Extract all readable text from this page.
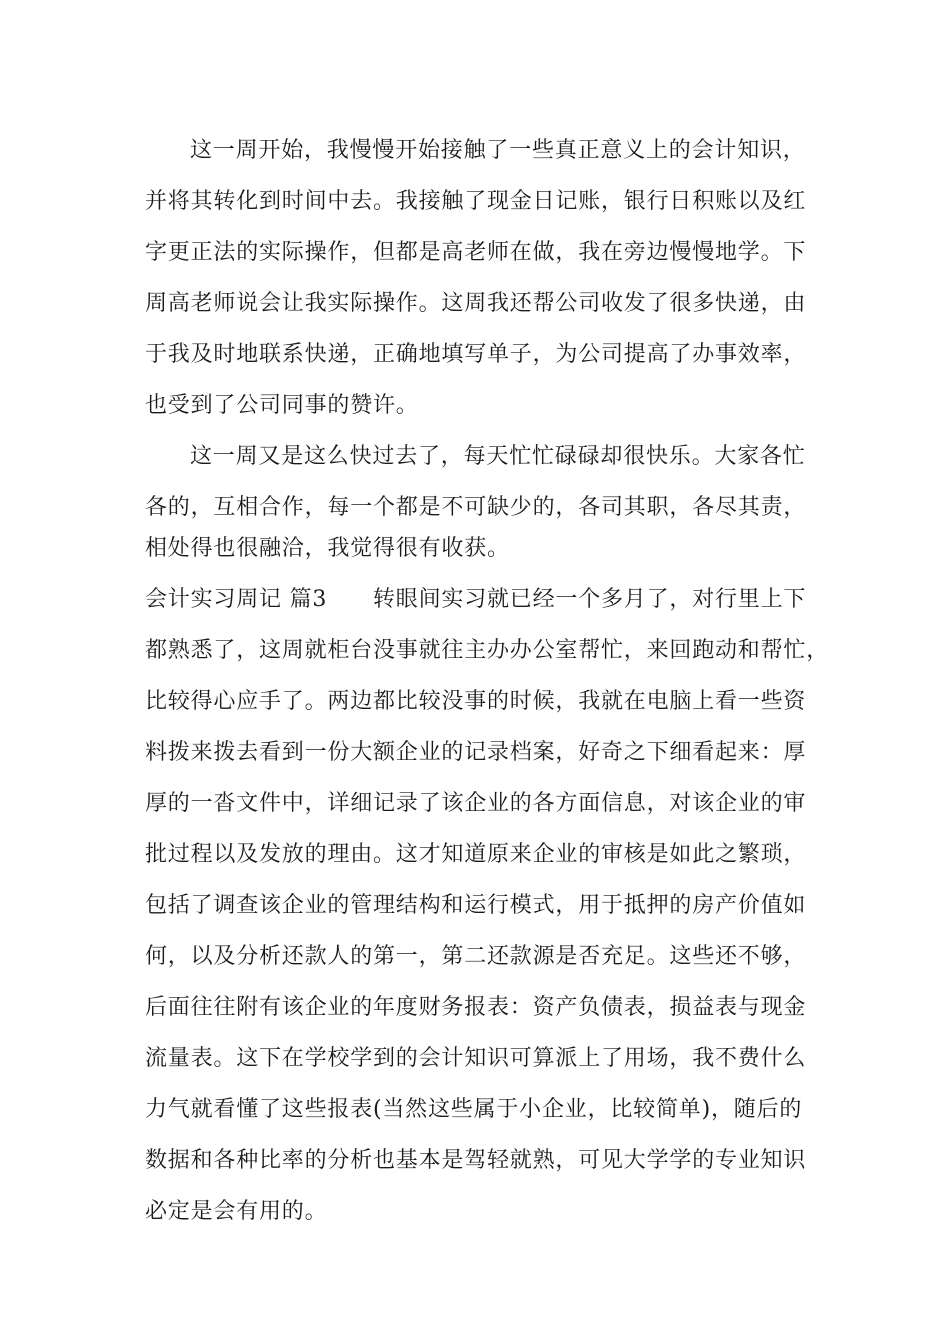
这一周开始，我慢慢开始接触了一些真正意义上的会计知识，
并将其转化到时间中去。我接触了现金日记账，银行日积账以及红
字更正法的实际操作，但都是高老师在做，我在旁边慢慢地学。下
周高老师说会让我实际操作。这周我还帮公司收发了很多快递，由
于我及时地联系快递，正确地填写单子，为公司提高了办事效率，
也受到了公司同事的赞许。
这一周又是这么快过去了，每天忙忙碌碌却很快乐。大家各忙
各的，互相合作，每一个都是不可缺少的，各司其职，各尽其责，
相处得也很融洽，我觉得很有收获。
会计实习周记 篇3 转眼间实习就已经一个多月了，对行里上下
都熟悉了，这周就柜台没事就往主办办公室帮忙，来回跑动和帮忙，
比较得心应手了。两边都比较没事的时候，我就在电脑上看一些资
料拨来拨去看到一份大额企业的记录档案，好奇之下细看起来：厚
厚的一沓文件中，详细记录了该企业的各方面信息，对该企业的审
批过程以及发放的理由。这才知道原来企业的审核是如此之繁琐，
包括了调查该企业的管理结构和运行模式，用于抵押的房产价值如
何，以及分析还款人的第一，第二还款源是否充足。这些还不够，
后面往往附有该企业的年度财务报表：资产负债表，损益表与现金
流量表。这下在学校学到的会计知识可算派上了用场，我不费什么
力气就看懂了这些报表(当然这些属于小企业，比较简单)，随后的
数据和各种比率的分析也基本是驾轻就熟，可见大学学的专业知识
必定是会有用的。
